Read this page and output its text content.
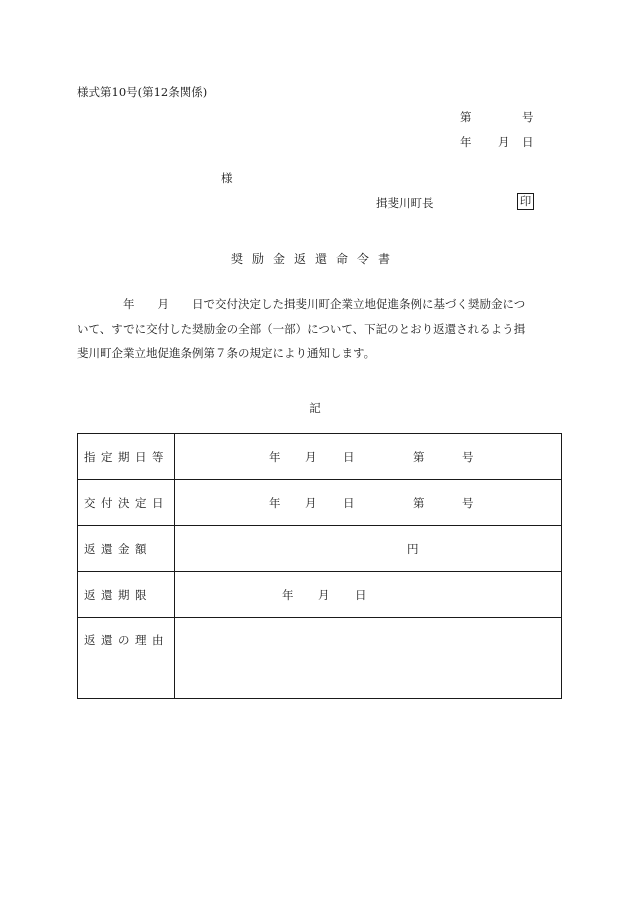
様式第10号(第12条関係)
第	号
年 月 日
様
揖斐川町長	印
奨励金返還命令書

　　　　年　　月　　日で交付決定した揖斐川町企業立地促進条例に基づく奨励金につ

いて、すでに交付した奨励金の全部（一部）について、下記のとおり返還されるよう揖

斐川町企業立地促進条例第７条の規定により通知します。

記
指定期日等	年 月 日 第 号

交付決定日	年 月 日 第 号

返還金額	円

返還期限	年 月 日

返還の理由	
